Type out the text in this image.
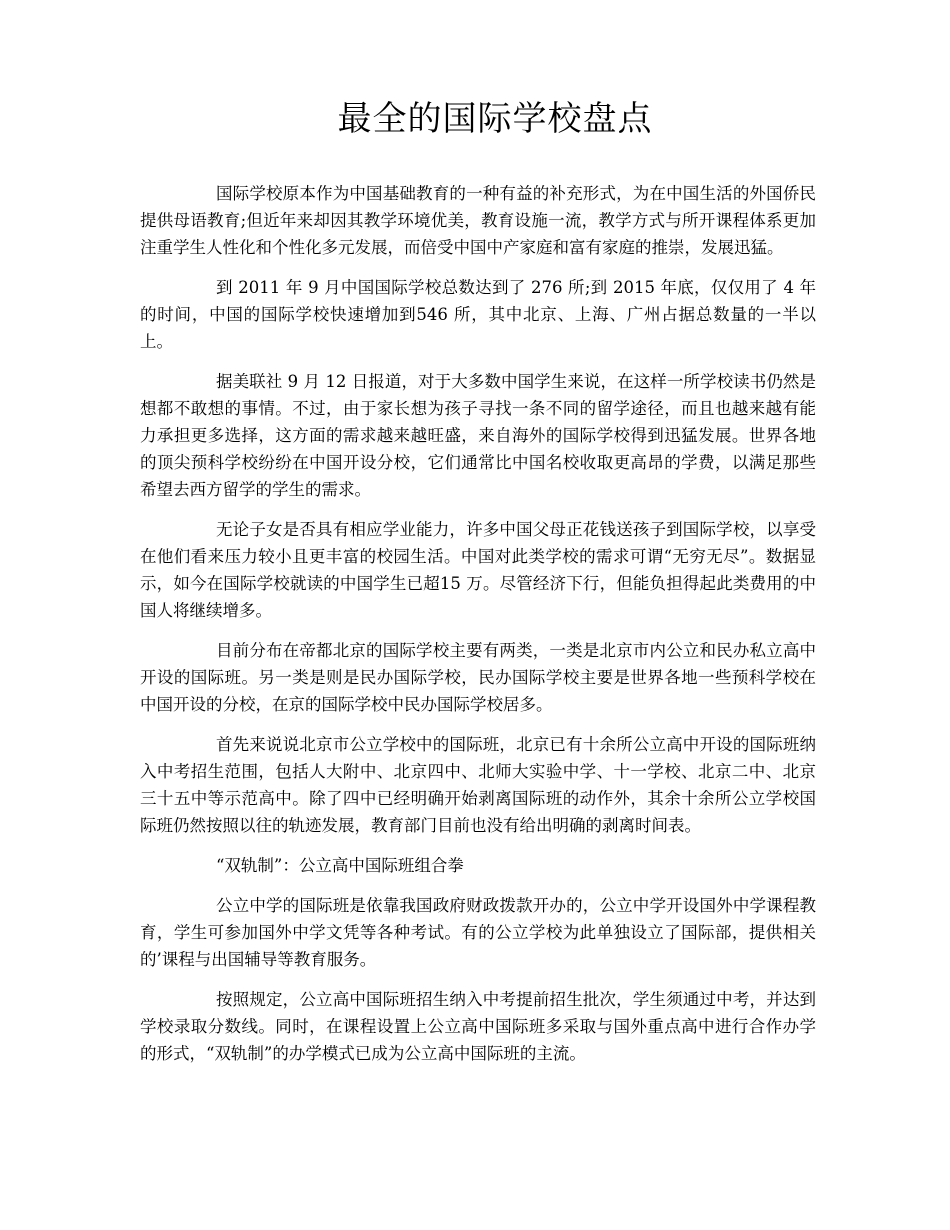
最全的国际学校盘点

国际学校原本作为中国基础教育的一种有益的补充形式，为在中国生活的外国侨民提供母语教育;但近年来却因其教学环境优美，教育设施一流，教学方式与所开课程体系更加注重学生人性化和个性化多元发展，而倍受中国中产家庭和富有家庭的推崇，发展迅猛。

到 2011 年 9 月中国国际学校总数达到了 276 所;到 2015 年底，仅仅用了 4 年的时间，中国的国际学校快速增加到546 所，其中北京、上海、广州占据总数量的一半以上。

据美联社 9 月 12 日报道，对于大多数中国学生来说，在这样一所学校读书仍然是想都不敢想的事情。不过，由于家长想为孩子寻找一条不同的留学途径，而且也越来越有能力承担更多选择，这方面的需求越来越旺盛，来自海外的国际学校得到迅猛发展。世界各地的顶尖预科学校纷纷在中国开设分校，它们通常比中国名校收取更高昂的学费，以满足那些希望去西方留学的学生的需求。

无论子女是否具有相应学业能力，许多中国父母正花钱送孩子到国际学校，以享受在他们看来压力较小且更丰富的校园生活。中国对此类学校的需求可谓“无穷无尽”。数据显示，如今在国际学校就读的中国学生已超15 万。尽管经济下行，但能负担得起此类费用的中国人将继续增多。

目前分布在帝都北京的国际学校主要有两类，一类是北京市内公立和民办私立高中开设的国际班。另一类是则是民办国际学校，民办国际学校主要是世界各地一些预科学校在中国开设的分校，在京的国际学校中民办国际学校居多。

首先来说说北京市公立学校中的国际班，北京已有十余所公立高中开设的国际班纳入中考招生范围，包括人大附中、北京四中、北师大实验中学、十一学校、北京二中、北京三十五中等示范高中。除了四中已经明确开始剥离国际班的动作外，其余十余所公立学校国际班仍然按照以往的轨迹发展，教育部门目前也没有给出明确的剥离时间表。

“双轨制”：公立高中国际班组合拳

公立中学的国际班是依靠我国政府财政拨款开办的，公立中学开设国外中学课程教育，学生可参加国外中学文凭等各种考试。有的公立学校为此单独设立了国际部，提供相关的’课程与出国辅导等教育服务。

按照规定，公立高中国际班招生纳入中考提前招生批次，学生须通过中考，并达到学校录取分数线。同时，在课程设置上公立高中国际班多采取与国外重点高中进行合作办学的形式，“双轨制”的办学模式已成为公立高中国际班的主流。
